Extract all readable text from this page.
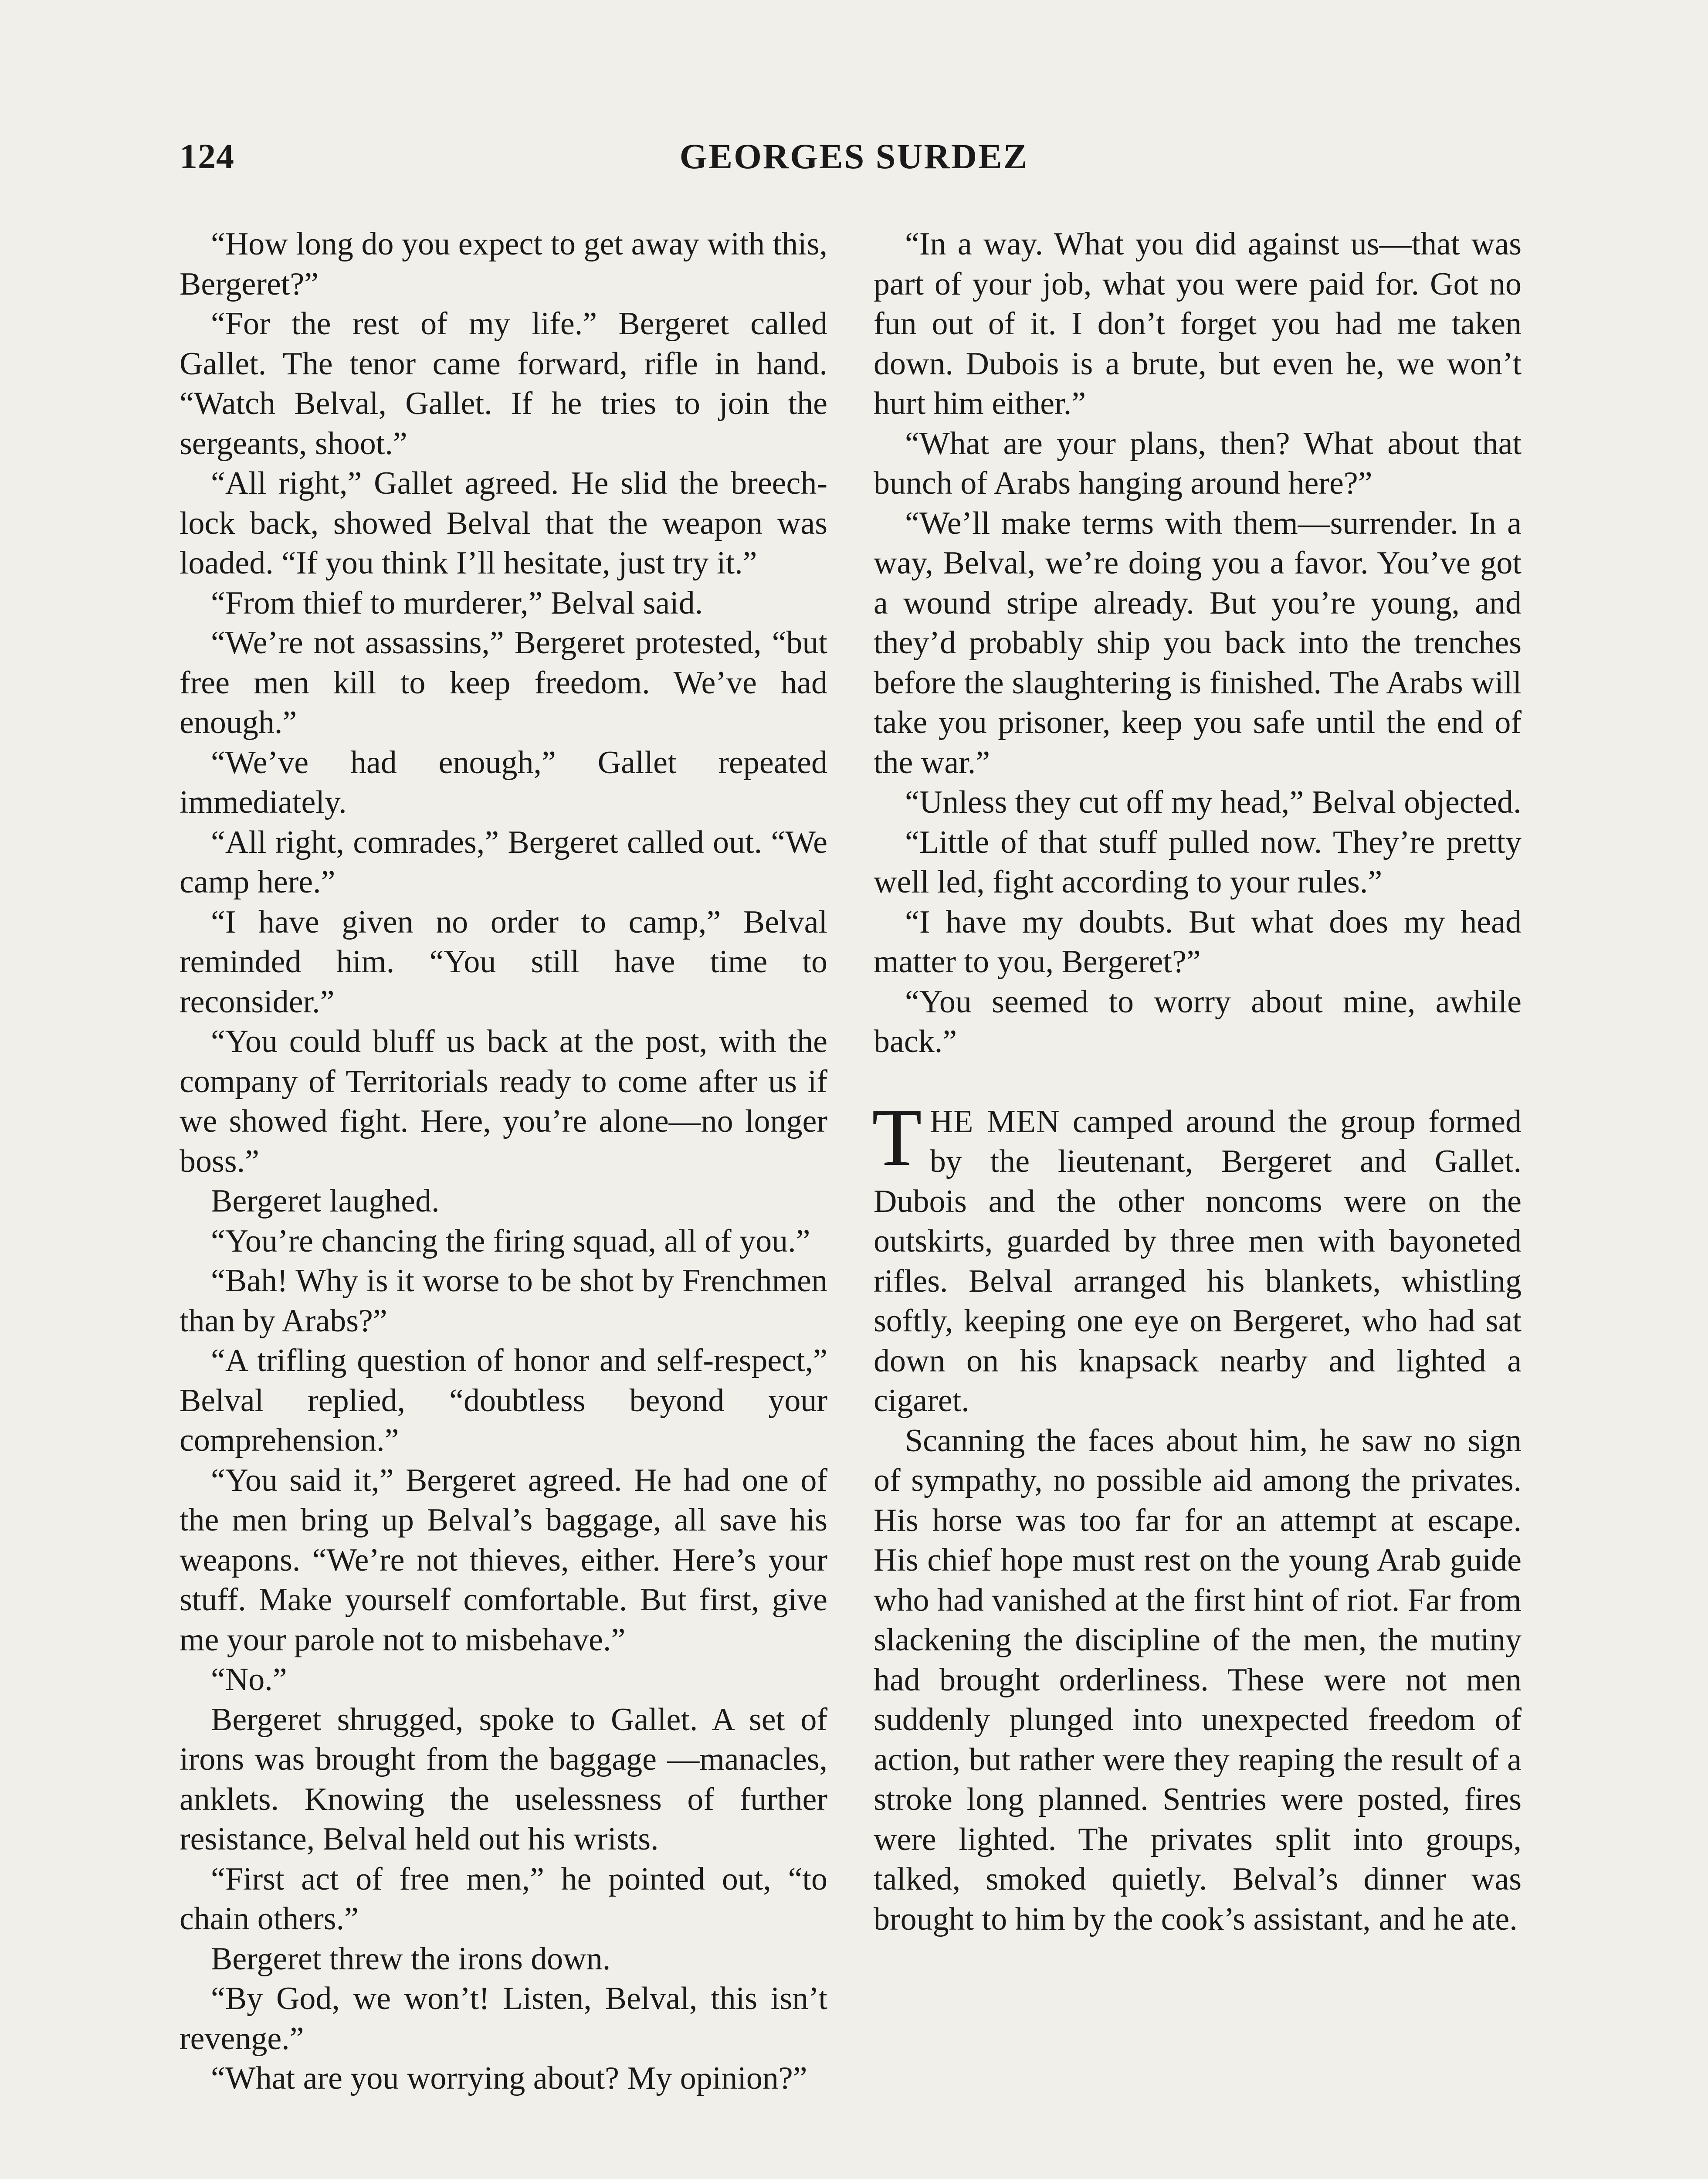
124	GEORGES SURDEZ

“How long do you expect to get away with this, Bergeret?”

“For the rest of my life.” Bergeret called Gallet. The tenor came forward, rifle in hand. “Watch Belval, Gallet. If he tries to join the sergeants, shoot.”

“All right,” Gallet agreed. He slid the breech-lock back, showed Belval that the weapon was loaded. “If you think I’ll hesitate, just try it.”

“From thief to murderer,” Belval said.

“We’re not assassins,” Bergeret protested, “but free men kill to keep freedom. We’ve had enough.”

“We’ve had enough,” Gallet repeated immediately.

“All right, comrades,” Bergeret called out. “We camp here.”

“I have given no order to camp,” Belval reminded him. “You still have time to reconsider.”

“You could bluff us back at the post, with the company of Territorials ready to come after us if we showed fight. Here, you’re alone—no longer boss.”

Bergeret laughed.

“You’re chancing the firing squad, all of you.”

“Bah! Why is it worse to be shot by Frenchmen than by Arabs?”

“A trifling question of honor and self-respect,” Belval replied, “doubtless beyond your comprehension.”

“You said it,” Bergeret agreed. He had one of the men bring up Belval’s baggage, all save his weapons. “We’re not thieves, either. Here’s your stuff. Make yourself comfortable. But first, give me your parole not to misbehave.”

“No.”

Bergeret shrugged, spoke to Gallet. A set of irons was brought from the baggage —manacles, anklets. Knowing the uselessness of further resistance, Belval held out his wrists.

“First act of free men,” he pointed out, “to chain others.”

Bergeret threw the irons down.

“By God, we won’t! Listen, Belval, this isn’t revenge.”

“What are you worrying about? My opinion?”

“In a way. What you did against us—that was part of your job, what you were paid for. Got no fun out of it. I don’t forget you had me taken down. Dubois is a brute, but even he, we won’t hurt him either.”

“What are your plans, then? What about that bunch of Arabs hanging around here?”

“We’ll make terms with them—surrender. In a way, Belval, we’re doing you a favor. You’ve got a wound stripe already. But you’re young, and they’d probably ship you back into the trenches before the slaughtering is finished. The Arabs will take you prisoner, keep you safe until the end of the war.”

“Unless they cut off my head,” Belval objected.

“Little of that stuff pulled now. They’re pretty well led, fight according to your rules.”

“I have my doubts. But what does my head matter to you, Bergeret?”

“You seemed to worry about mine, awhile back.”

THE MEN camped around the group formed by the lieutenant, Bergeret and Gallet. Dubois and the other noncoms were on the outskirts, guarded by three men with bayoneted rifles. Belval arranged his blankets, whistling softly, keeping one eye on Bergeret, who had sat down on his knapsack nearby and lighted a cigaret.

Scanning the faces about him, he saw no sign of sympathy, no possible aid among the privates. His horse was too far for an attempt at escape. His chief hope must rest on the young Arab guide who had vanished at the first hint of riot. Far from slackening the discipline of the men, the mutiny had brought orderliness. These were not men suddenly plunged into unexpected freedom of action, but rather were they reaping the result of a stroke long planned. Sentries were posted, fires were lighted. The privates split into groups, talked, smoked quietly. Belval’s dinner was brought to him by the cook’s assistant, and he ate.
